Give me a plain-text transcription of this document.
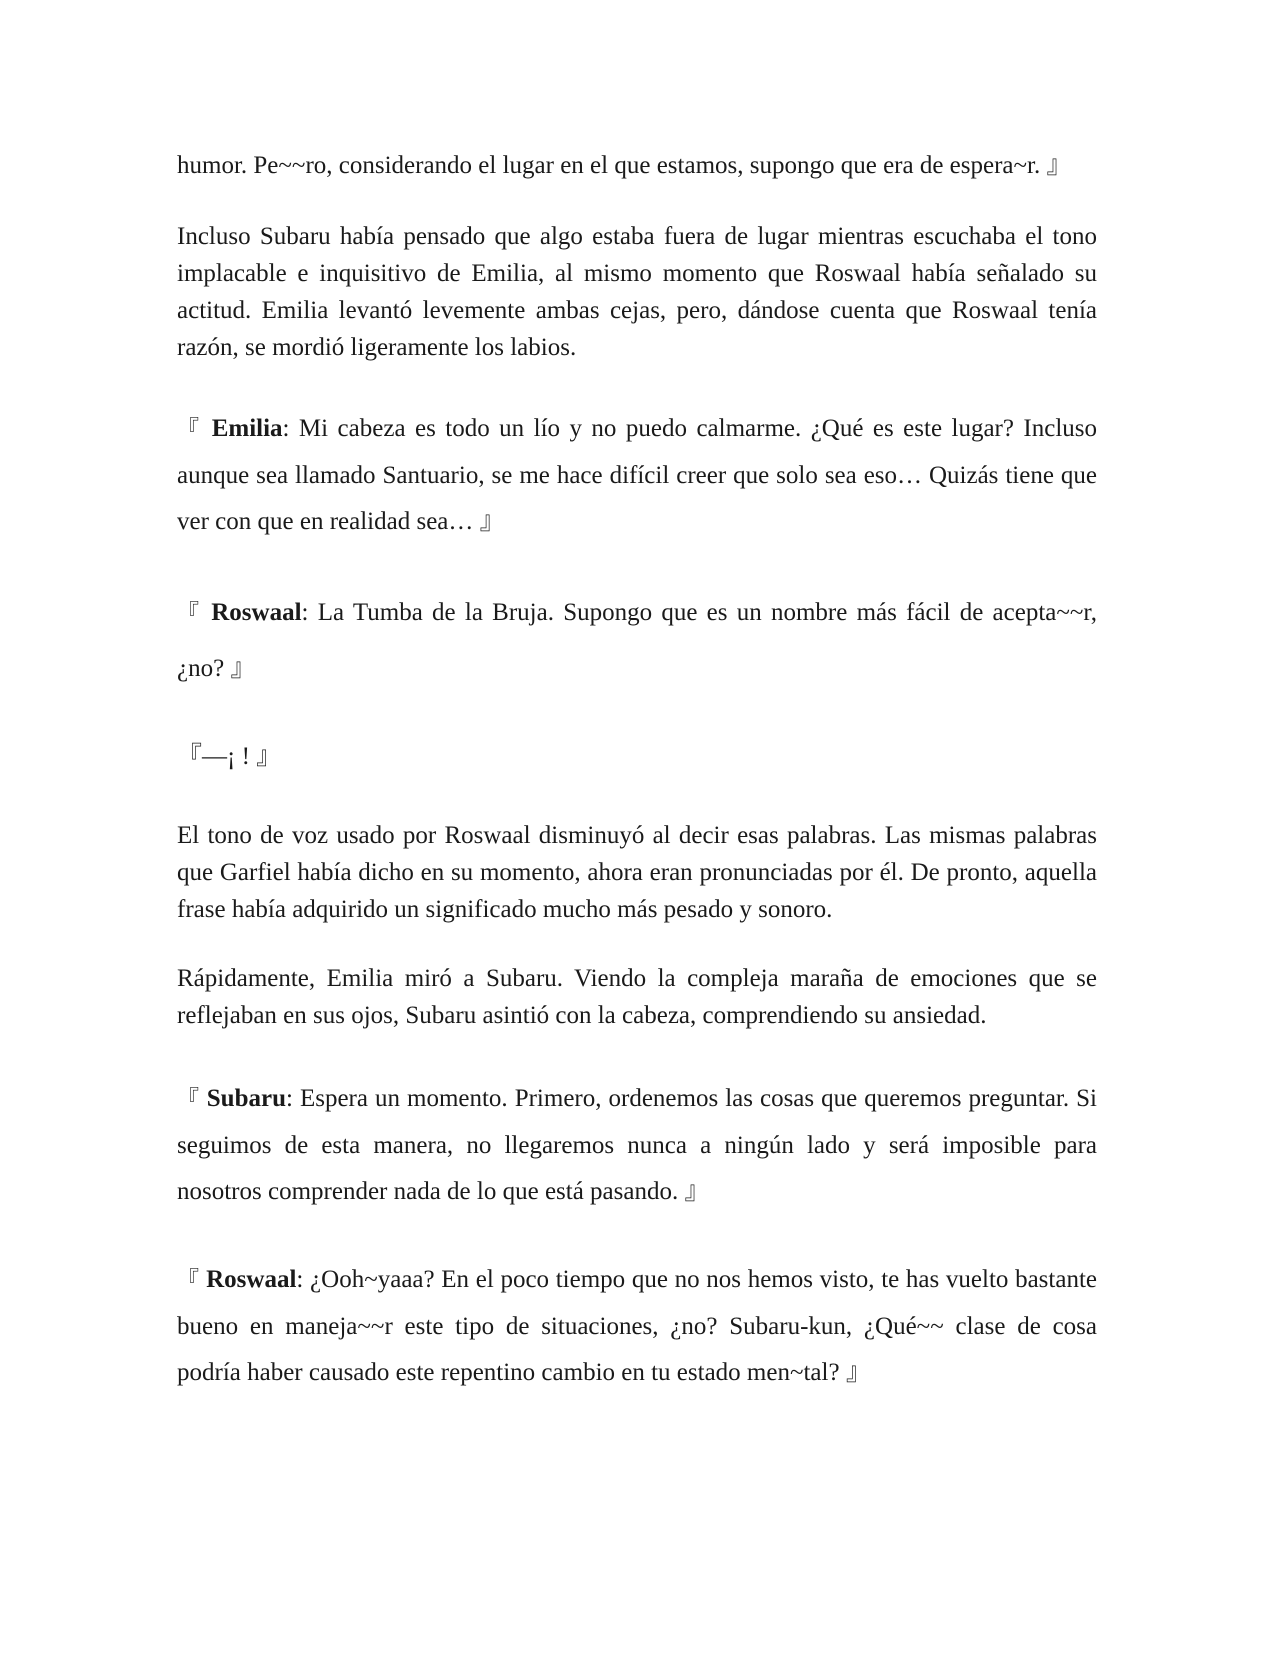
humor. Pe~~ro, considerando el lugar en el que estamos, supongo que era de espera~r. 』

Incluso Subaru había pensado que algo estaba fuera de lugar mientras escuchaba el tono implacable e inquisitivo de Emilia, al mismo momento que Roswaal había señalado su actitud. Emilia levantó levemente ambas cejas, pero, dándose cuenta que Roswaal tenía razón, se mordió ligeramente los labios.

『 Emilia: Mi cabeza es todo un lío y no puedo calmarme. ¿Qué es este lugar? Incluso aunque sea llamado Santuario, se me hace difícil creer que solo sea eso… Quizás tiene que ver con que en realidad sea… 』

『 Roswaal: La Tumba de la Bruja. Supongo que es un nombre más fácil de acepta~~r, ¿no? 』

『—¡ ! 』

El tono de voz usado por Roswaal disminuyó al decir esas palabras. Las mismas palabras que Garfiel había dicho en su momento, ahora eran pronunciadas por él. De pronto, aquella frase había adquirido un significado mucho más pesado y sonoro.

Rápidamente, Emilia miró a Subaru. Viendo la compleja maraña de emociones que se reflejaban en sus ojos, Subaru asintió con la cabeza, comprendiendo su ansiedad.

『 Subaru: Espera un momento. Primero, ordenemos las cosas que queremos preguntar. Si seguimos de esta manera, no llegaremos nunca a ningún lado y será imposible para nosotros comprender nada de lo que está pasando. 』

『 Roswaal: ¿Ooh~yaaa? En el poco tiempo que no nos hemos visto, te has vuelto bastante bueno en maneja~~r este tipo de situaciones, ¿no? Subaru-kun, ¿Qué~~ clase de cosa podría haber causado este repentino cambio en tu estado men~tal? 』
